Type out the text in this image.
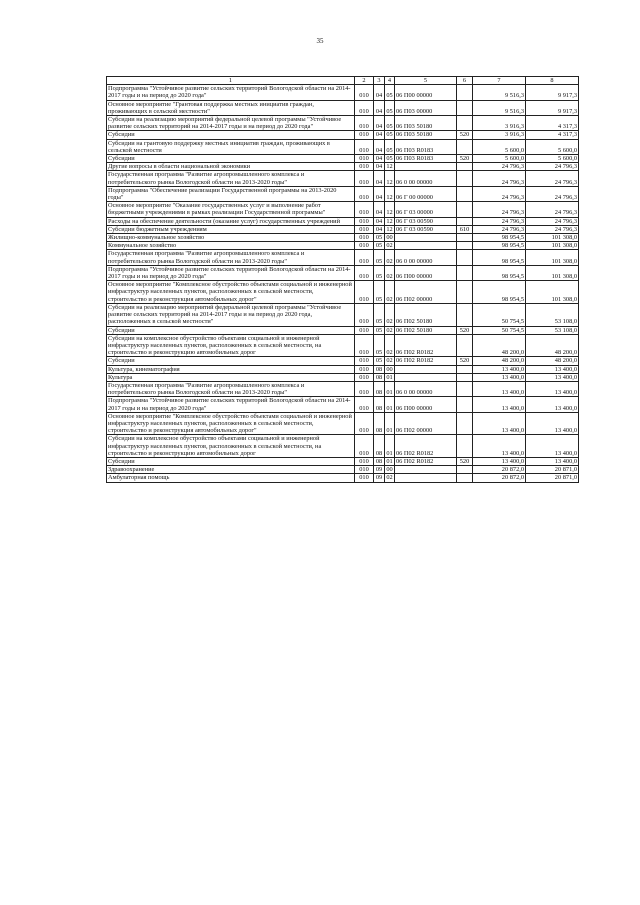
35
1	2	3	4	5	6	7	8
Подпрограмма "Устойчивое развитие сельских территорий Вологодской области на 2014-2017 годы и на период до 2020 года"	010	04	05	06 П00 00000		9 516,3	9 917,3
Основное мероприятие "Грантовая поддержка местных инициатив граждан, проживающих в сельской местности"	010	04	05	06 П03 00000		9 516,3	9 917,3
Субсидии на реализацию мероприятий федеральной целевой программы "Устойчивое развитие сельских территорий на 2014-2017 годы и на период до 2020 года"	010	04	05	06 П03 50180		3 916,3	4 317,3
Субсидии	010	04	05	06 П03 50180	520	3 916,3	4 317,3
Субсидии на грантовую поддержку местных инициатив граждан, проживающих в сельской местности	010	04	05	06 П03 R0183		5 600,0	5 600,0
Субсидии	010	04	05	06 П03 R0183	520	5 600,0	5 600,0
Другие вопросы в области национальной экономики	010	04	12			24 796,3	24 796,3
Государственная программа "Развитие агропромышленного комплекса и потребительского рынка Вологодской области на 2013-2020 годы"	010	04	12	06 0 00 00000		24 796,3	24 796,3
Подпрограмма "Обеспечение реализации Государственной программы на 2013-2020 годы"	010	04	12	06 Г 00 00000		24 796,3	24 796,3
Основное мероприятие "Оказание государственных услуг и выполнение работ бюджетными учреждениями в рамках реализации Государственной программы"	010	04	12	06 Г 03 00000		24 796,3	24 796,3
Расходы на обеспечение деятельности (оказание услуг) государственных учреждений	010	04	12	06 Г 03 00590		24 796,3	24 796,3
Субсидии бюджетным учреждениям	010	04	12	06 Г 03 00590	610	24 796,3	24 796,3
Жилищно-коммунальное хозяйство	010	05	00			98 954,5	101 308,0
Коммунальное хозяйство	010	05	02			98 954,5	101 308,0
Государственная программа "Развитие агропромышленного комплекса и потребительского рынка Вологодской области на 2013-2020 годы"	010	05	02	06 0 00 00000		98 954,5	101 308,0
Подпрограмма "Устойчивое развитие сельских территорий Вологодской области на 2014-2017 годы и на период до 2020 года"	010	05	02	06 П00 00000		98 954,5	101 308,0
Основное мероприятие "Комплексное обустройство объектами социальной и инженерной инфраструктур населенных пунктов, расположенных в сельской местности, строительство и реконструкция автомобильных дорог"	010	05	02	06 П02 00000		98 954,5	101 308,0
Субсидии на реализацию мероприятий федеральной целевой программы "Устойчивое развитие сельских территорий на 2014-2017 годы и на период до 2020 года, расположенных в сельской местности"	010	05	02	06 П02 50180		50 754,5	53 108,0
Субсидии	010	05	02	06 П02 50180	520	50 754,5	53 108,0
Субсидии на комплексное обустройство объектами социальной и инженерной инфраструктур населенных пунктов, расположенных в сельской местности, на строительство и реконструкцию автомобильных дорог	010	05	02	06 П02 R0182		48 200,0	48 200,0
Субсидии	010	05	02	06 П02 R0182	520	48 200,0	48 200,0
Культура, кинематография	010	08	00			13 400,0	13 400,0
Культура	010	08	01			13 400,0	13 400,0
Государственная программа "Развитие агропромышленного комплекса и потребительского рынка Вологодской области на 2013-2020 годы"	010	08	01	06 0 00 00000		13 400,0	13 400,0
Подпрограмма "Устойчивое развитие сельских территорий Вологодской области на 2014-2017 годы и на период до 2020 года"	010	08	01	06 П00 00000		13 400,0	13 400,0
Основное мероприятие "Комплексное обустройство объектами социальной и инженерной инфраструктур населенных пунктов, расположенных в сельской местности, строительство и реконструкция автомобильных дорог"	010	08	01	06 П02 00000		13 400,0	13 400,0
Субсидии на комплексное обустройство объектами социальной и инженерной инфраструктур населенных пунктов, расположенных в сельской местности, на строительство и реконструкцию автомобильных дорог	010	08	01	06 П02 R0182		13 400,0	13 400,0
Субсидии	010	08	01	06 П02 R0182	520	13 400,0	13 400,0
Здравоохранение	010	09	00			20 872,0	20 871,0
Амбулаторная помощь	010	09	02			20 872,0	20 871,0
